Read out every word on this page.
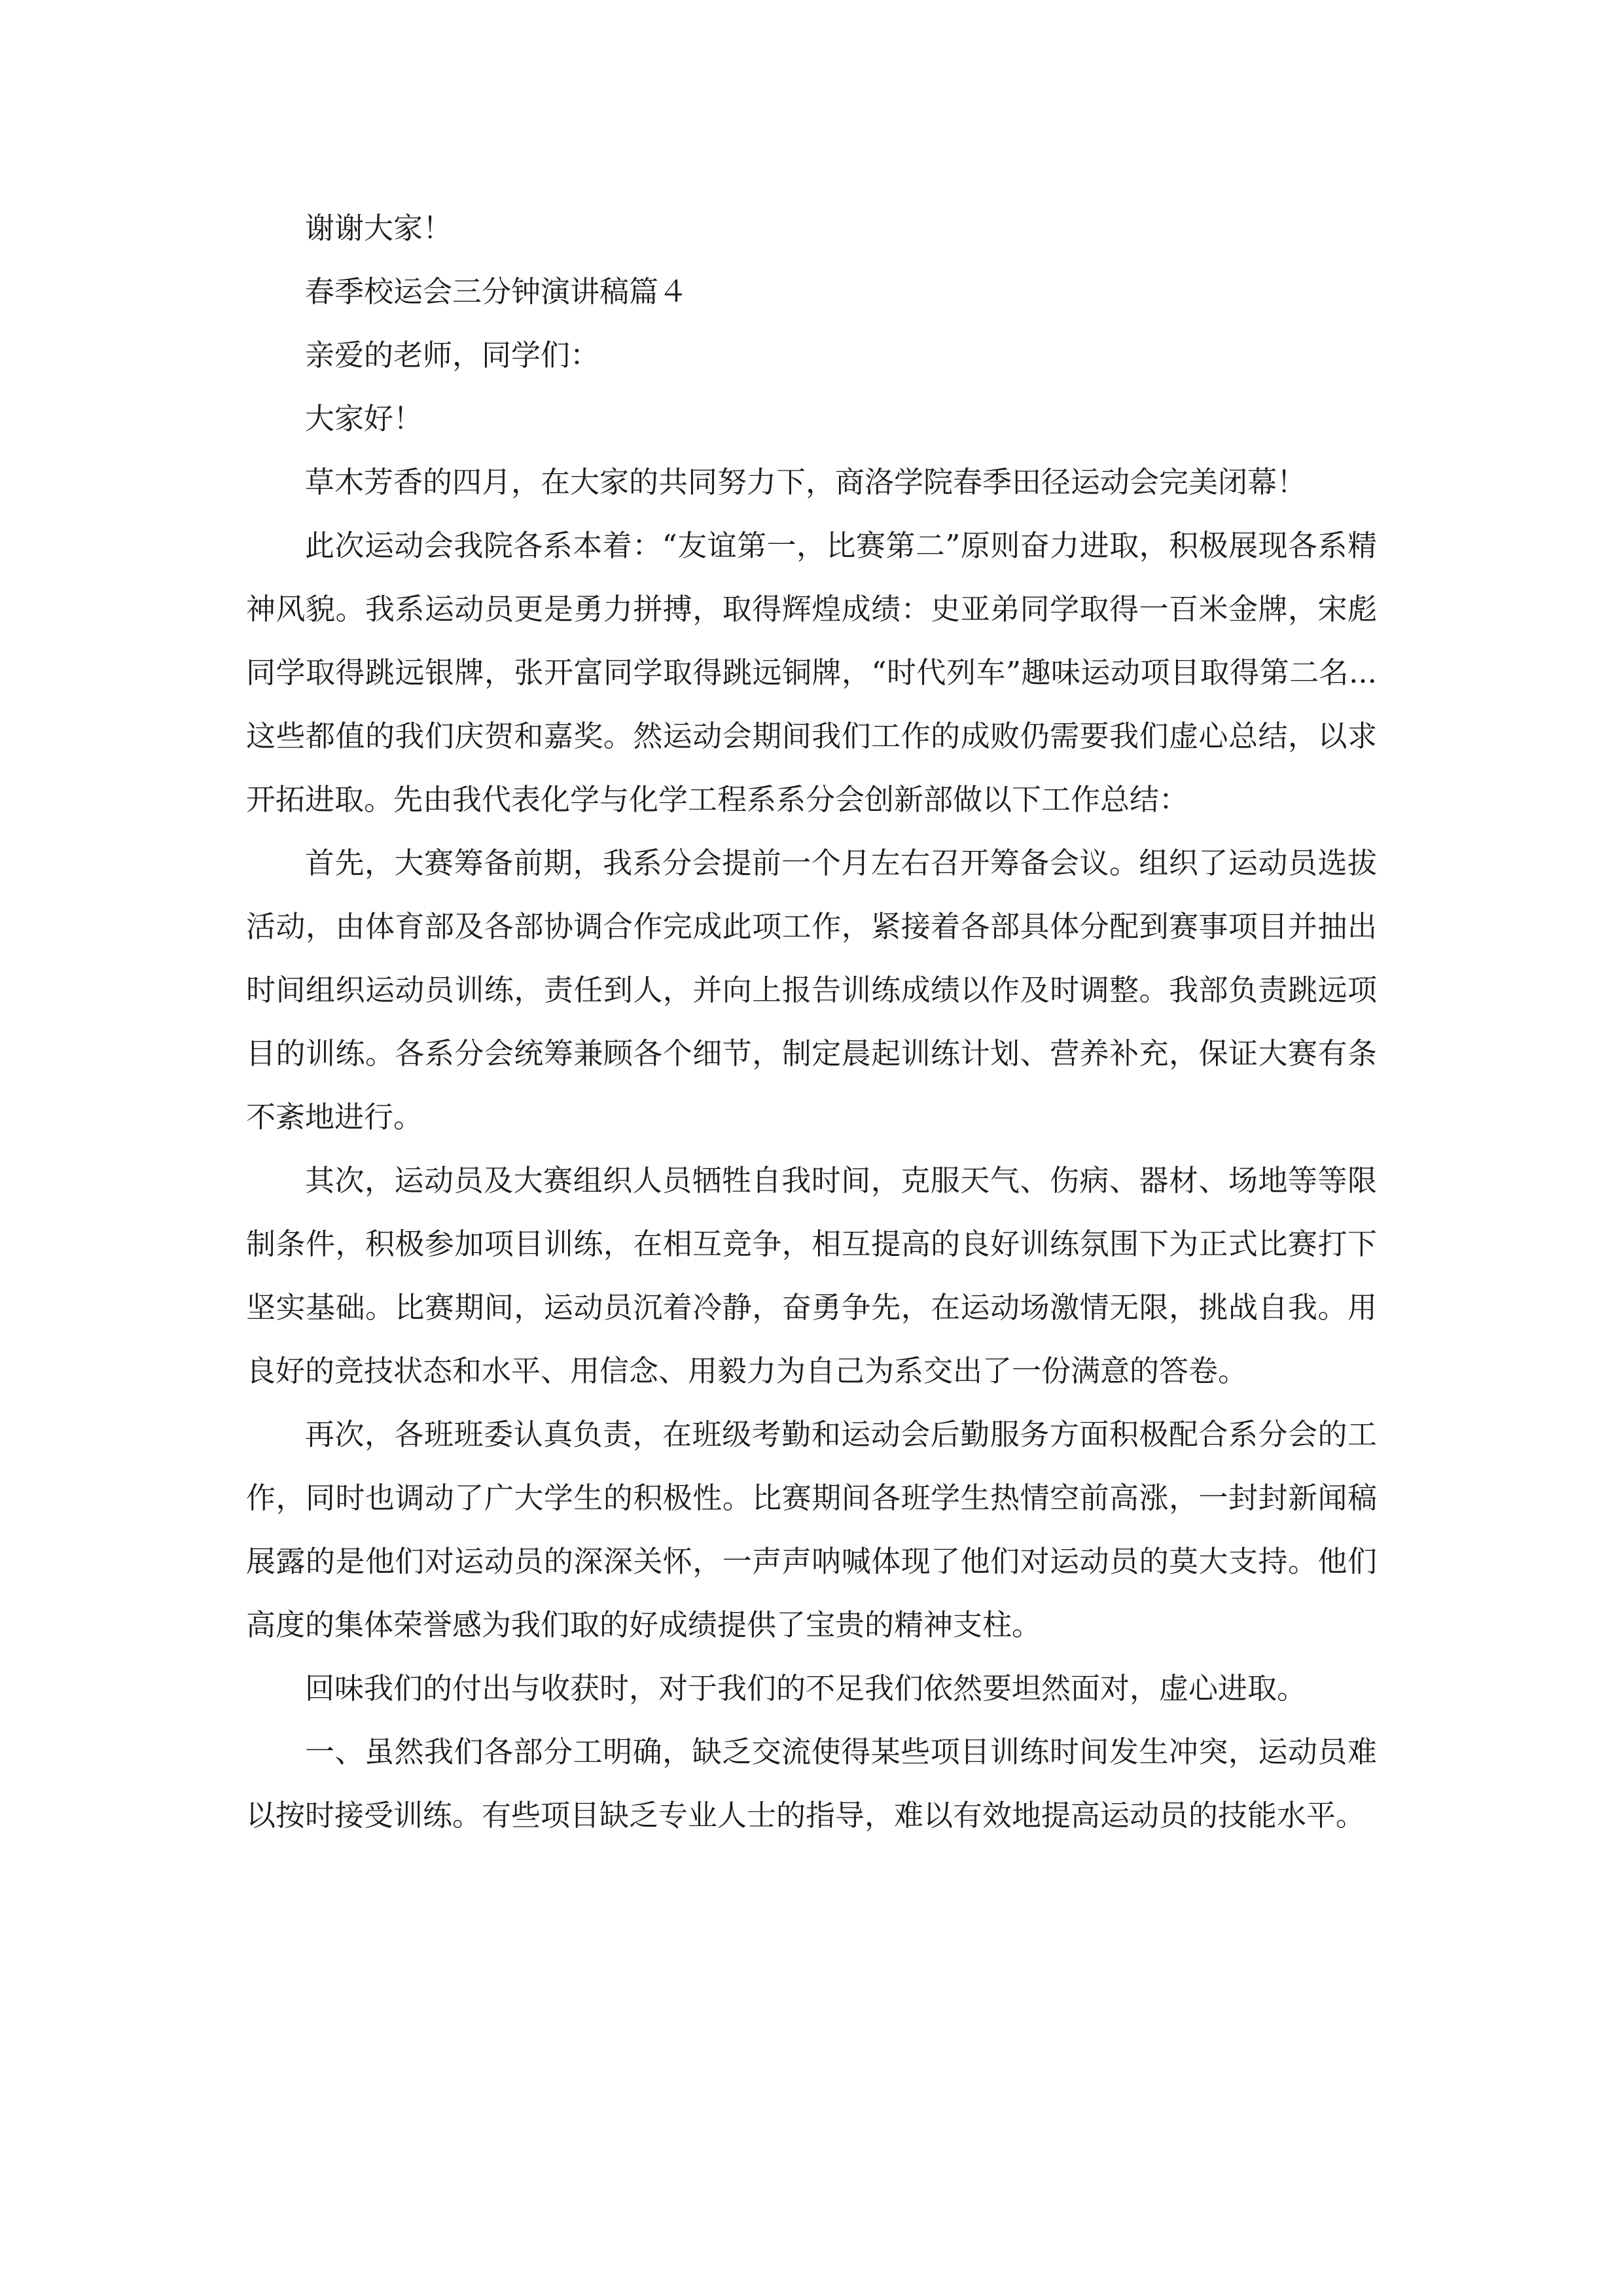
谢谢大家！

春季校运会三分钟演讲稿篇４

亲爱的老师，同学们：

大家好！

草木芳香的四月，在大家的共同努力下，商洛学院春季田径运动会完美闭幕！

此次运动会我院各系本着：“友谊第一，比赛第二”原则奋力进取，积极展现各系精神风貌。我系运动员更是勇力拼搏，取得辉煌成绩：史亚弟同学取得一百米金牌，宋彪同学取得跳远银牌，张开富同学取得跳远铜牌，“时代列车”趣味运动项目取得第二名...这些都值的我们庆贺和嘉奖。然运动会期间我们工作的成败仍需要我们虚心总结，以求开拓进取。先由我代表化学与化学工程系系分会创新部做以下工作总结：

首先，大赛筹备前期，我系分会提前一个月左右召开筹备会议。组织了运动员选拔活动，由体育部及各部协调合作完成此项工作，紧接着各部具体分配到赛事项目并抽出时间组织运动员训练，责任到人，并向上报告训练成绩以作及时调整。我部负责跳远项目的训练。各系分会统筹兼顾各个细节，制定晨起训练计划、营养补充，保证大赛有条不紊地进行。

其次，运动员及大赛组织人员牺牲自我时间，克服天气、伤病、器材、场地等等限制条件，积极参加项目训练，在相互竞争，相互提高的良好训练氛围下为正式比赛打下坚实基础。比赛期间，运动员沉着冷静，奋勇争先，在运动场激情无限，挑战自我。用良好的竞技状态和水平、用信念、用毅力为自己为系交出了一份满意的答卷。

再次，各班班委认真负责，在班级考勤和运动会后勤服务方面积极配合系分会的工作，同时也调动了广大学生的积极性。比赛期间各班学生热情空前高涨，一封封新闻稿展露的是他们对运动员的深深关怀，一声声呐喊体现了他们对运动员的莫大支持。他们高度的集体荣誉感为我们取的好成绩提供了宝贵的精神支柱。

回味我们的付出与收获时，对于我们的不足我们依然要坦然面对，虚心进取。

一、虽然我们各部分工明确，缺乏交流使得某些项目训练时间发生冲突，运动员难以按时接受训练。有些项目缺乏专业人士的指导，难以有效地提高运动员的技能水平。
